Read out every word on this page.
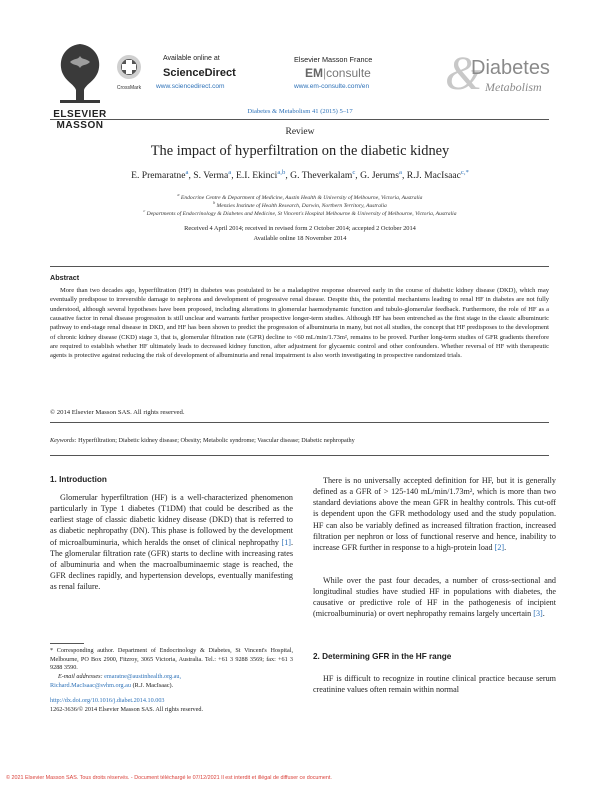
ELSEVIER
MASSON
CrossMark
Available online at
ScienceDirect
www.sciencedirect.com
Elsevier Masson France
EM|consulte
www.em-consulte.com/en &
Diabetes
Metabolism
Diabetes & Metabolism 41 (2015) 5–17
Review
The impact of hyperfiltration on the diabetic kidney
E. Premaratne$^a$, S. Verma$^a$, E.I. Ekinci$^{a,b}$, G. Theverkalam$^c$, G. Jerums$^a$, R.J. MacIsaac$^{c,*}$
$^a$ Endocrine Centre & Department of Medicine, Austin Health & University of Melbourne, Victoria, Australia
$^b$ Menzies Institute of Health Research, Darwin, Northern Territory, Australia
$^c$ Departments of Endocrinology & Diabetes and Medicine, St Vincent's Hospital Melbourne & University of Melbourne, Victoria, Australia
Received 4 April 2014; received in revised form 2 October 2014; accepted 2 October 2014
Available online 18 November 2014
Abstract
More than two decades ago, hyperfiltration (HF) in diabetes was postulated to be a maladaptive response observed early in the course of diabetic kidney disease (DKD), which may eventually predispose to irreversible damage to nephrons and development of progressive renal disease. Despite this, the potential mechanisms leading to renal HF in diabetes are not fully understood, although several hypotheses have been proposed, including alterations in glomerular haemodynamic function and tubulo-glomerular feedback. Furthermore, the role of HF as a causative factor in renal disease progression is still unclear and warrants further prospective longer-term studies. Although HF has been entrenched as the first stage in the classic albuminuric pathway to end-stage renal disease in DKD, and HF has been shown to predict the progression of albuminuria in many, but not all studies, the concept that HF predisposes to the development of chronic kidney disease (CKD) stage 3, that is, glomerular filtration rate (GFR) decline to <60 mL/min/1.73m², remains to be proved. Further long-term studies of GFR gradients therefore are required to establish whether HF ultimately leads to decreased kidney function, after adjustment for glycaemic control and other confounders. Whether reversal of HF with therapeutic agents is protective against reducing the risk of development of albuminuria and renal impairment is also worth investigating in prospective randomized trials.
© 2014 Elsevier Masson SAS. All rights reserved.
Keywords: Hyperfiltration; Diabetic kidney disease; Obesity; Metabolic syndrome; Vascular disease; Diabetic nephropathy
1. Introduction
Glomerular hyperfiltration (HF) is a well-characterized phenomenon particularly in Type 1 diabetes (T1DM) that could be described as the earliest stage of classic diabetic kidney disease (DKD) that is referred to as diabetic nephropathy (DN). This phase is followed by the development of microalbuminuria, which heralds the onset of clinical nephropathy [1]. The glomerular filtration rate (GFR) starts to decline with increasing rates of albuminuria and when the macroalbuminaemic stage is reached, the GFR declines rapidly, and hypertension develops, eventually manifesting as renal failure.
* Corresponding author. Department of Endocrinology & Diabetes, St Vincent's Hospital, Melbourne, PO Box 2900, Fitzroy, 3065 Victoria, Australia. Tel.: +61 3 9288 3569; fax: +61 3 9288 3590.
E-mail addresses: emaratne@austinhealth.org.au,
Richard.MacIsaac@svhm.org.au (R.J. MacIsaac).
http://dx.doi.org/10.1016/j.diabet.2014.10.003
1262-3636/© 2014 Elsevier Masson SAS. All rights reserved.
There is no universally accepted definition for HF, but it is generally defined as a GFR of > 125-140 mL/min/1.73m², which is more than two standard deviations above the mean GFR in healthy controls. This cut-off is dependent upon the GFR methodology used and the study population. HF can also be variably defined as increased filtration fraction, increased filtration per nephron or loss of functional reserve and hence, inability to increase GFR further in response to a high-protein load [2].
While over the past four decades, a number of cross-sectional and longitudinal studies have studied HF in populations with diabetes, the causative or predictive role of HF in the pathogenesis of incipient (microalbuminuria) or overt nephropathy remains largely uncertain [3].
2. Determining GFR in the HF range
HF is difficult to recognize in routine clinical practice because serum creatinine values often remain within normal
© 2021 Elsevier Masson SAS. Tous droits réservés. - Document téléchargé le 07/12/2021 Il est interdit et illégal de diffuser ce document.
